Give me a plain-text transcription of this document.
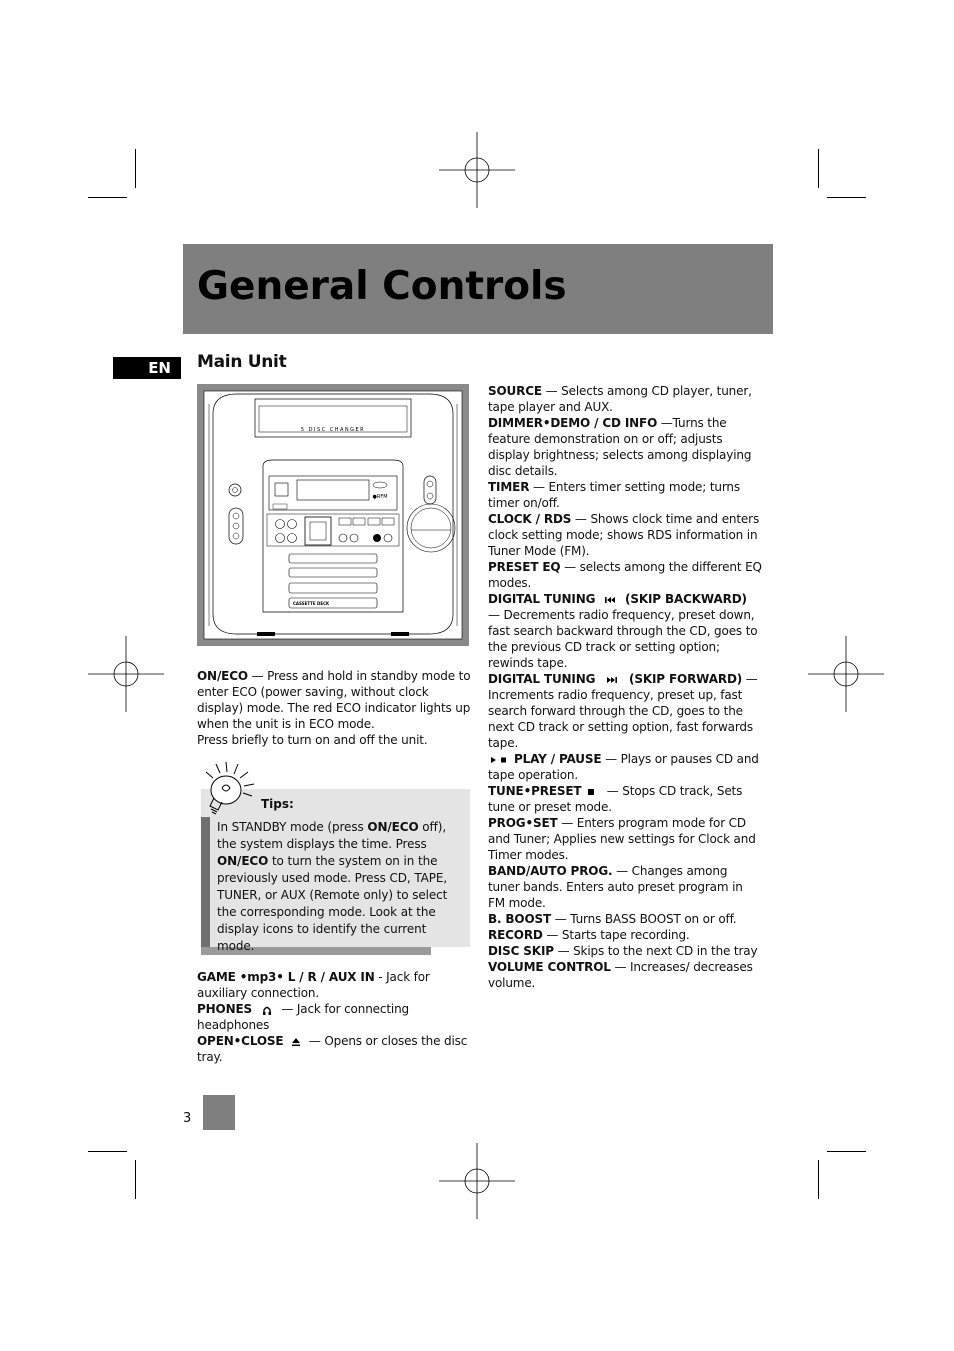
General Controls
EN	Main Unit
5 DISC CHANGER
●RFM
CASSETTE DECK

ON/ECO — Press and hold in standby mode to enter ECO (power saving, without clock display) mode. The red ECO indicator lights up when the unit is in ECO mode.

Press briefly to turn on and off the unit.

Tips:
In STANDBY mode (press ON/ECO off), the system displays the time. Press ON/ECO to turn the system on in the previously used mode. Press CD, TAPE, TUNER, or AUX (Remote only) to select the corresponding mode. Look at the display icons to identify the current mode.

GAME •mp3• L / R / AUX IN - Jack for auxiliary connection.

PHONES  — Jack for connecting headphones

OPEN•CLOSE  — Opens or closes the disc tray.

SOURCE — Selects among CD player, tuner, tape player and AUX.

DIMMER•DEMO / CD INFO —Turns the feature demonstration on or off; adjusts display brightness; selects among displaying disc details.

TIMER — Enters timer setting mode; turns timer on/off.

CLOCK / RDS — Shows clock time and enters clock setting mode; shows RDS information in Tuner Mode (FM).

PRESET EQ — selects among the different EQ modes.

DIGITAL TUNING (SKIP BACKWARD) — Decrements radio frequency, preset down, fast search backward through the CD, goes to the previous CD track or setting option; rewinds tape.

DIGITAL TUNING	(SKIP FORWARD) — Increments radio frequency, preset up, fast search forward through the CD, goes to the next CD track or setting option, fast forwards tape.

PLAY / PAUSE — Plays or pauses CD and tape operation.

TUNE•PRESET  — Stops CD track, Sets tune or preset mode.

PROG•SET — Enters program mode for CD and Tuner; Applies new settings for Clock and Timer modes.

BAND/AUTO PROG. — Changes among tuner bands. Enters auto preset program in FM mode.

B. BOOST — Turns BASS BOOST on or off.

RECORD — Starts tape recording.

DISC SKIP — Skips to the next CD in the tray

VOLUME CONTROL — Increases/ decreases volume.

3
